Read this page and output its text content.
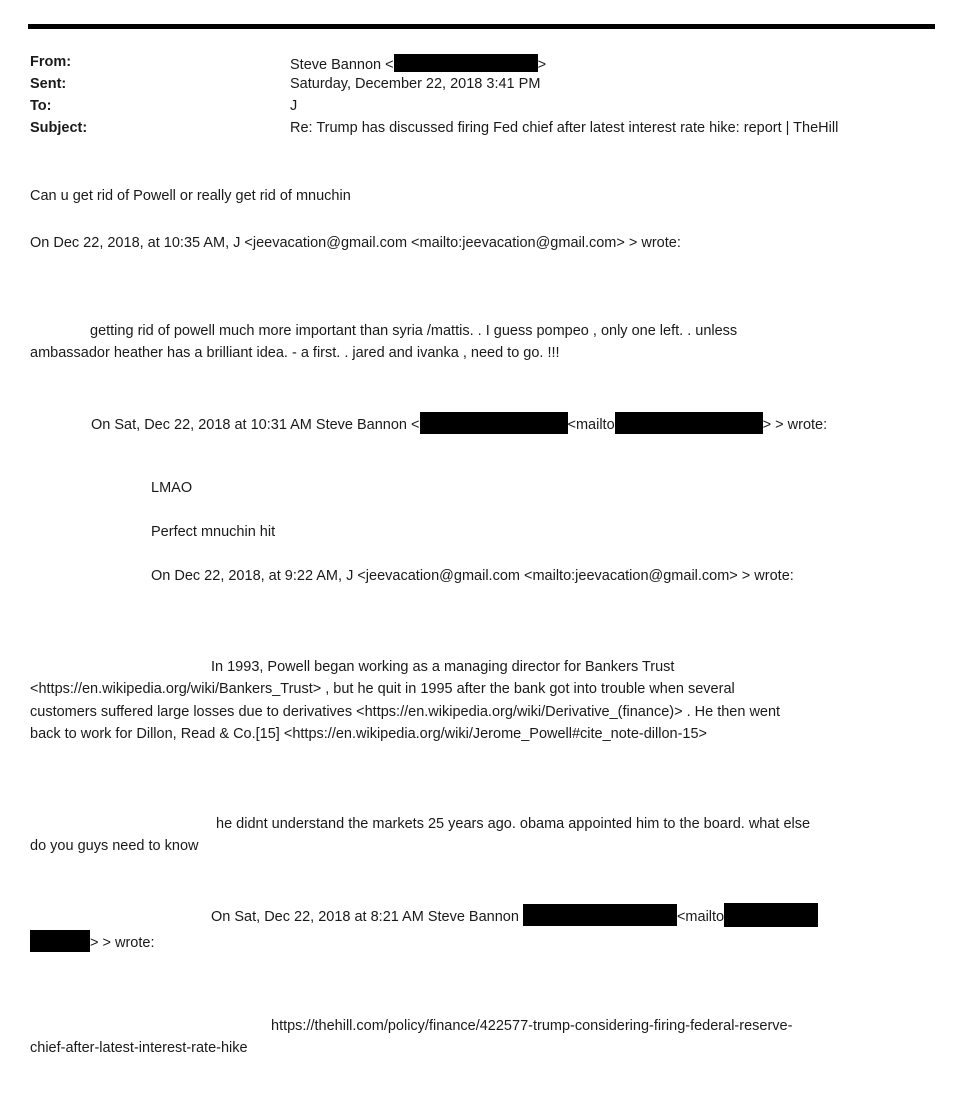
From:	Steve Bannon <	>
Sent:	Saturday, December 22, 2018 3:41 PM
To:	J
Subject:	Re: Trump has discussed firing Fed chief after latest interest rate hike: report | TheHill
Can u get rid of Powell or really get rid of mnuchin
On Dec 22, 2018, at 10:35 AM, J <jeevacation@gmail.com <mailto:jeevacation@gmail.com> > wrote:
getting rid of powell much more important than syria /mattis. . I guess pompeo , only one left. . unless
ambassador heather has a brilliant idea. - a first. . jared and ivanka , need to go. !!!
On Sat, Dec 22, 2018 at 10:31 AM Steve Bannon <	<mailto	> > wrote:
LMAO
Perfect mnuchin hit
On Dec 22, 2018, at 9:22 AM, J <jeevacation@gmail.com <mailto:jeevacation@gmail.com> > wrote:
In 1993, Powell began working as a managing director for Bankers Trust
<https://en.wikipedia.org/wiki/Bankers_Trust> , but he quit in 1995 after the bank got into trouble when several
customers suffered large losses due to derivatives <https://en.wikipedia.org/wiki/Derivative_(finance)> . He then went
back to work for Dillon, Read & Co.[15] <https://en.wikipedia.org/wiki/Jerome_Powell#cite_note-dillon-15>
he didnt understand the markets 25 years ago. obama appointed him to the board. what else
do you guys need to know
On Sat, Dec 22, 2018 at 8:21 AM Steve Bannon	<mailto
> > wrote:
https://thehill.com/policy/finance/422577-trump-considering-firing-federal-reserve-
chief-after-latest-interest-rate-hike
